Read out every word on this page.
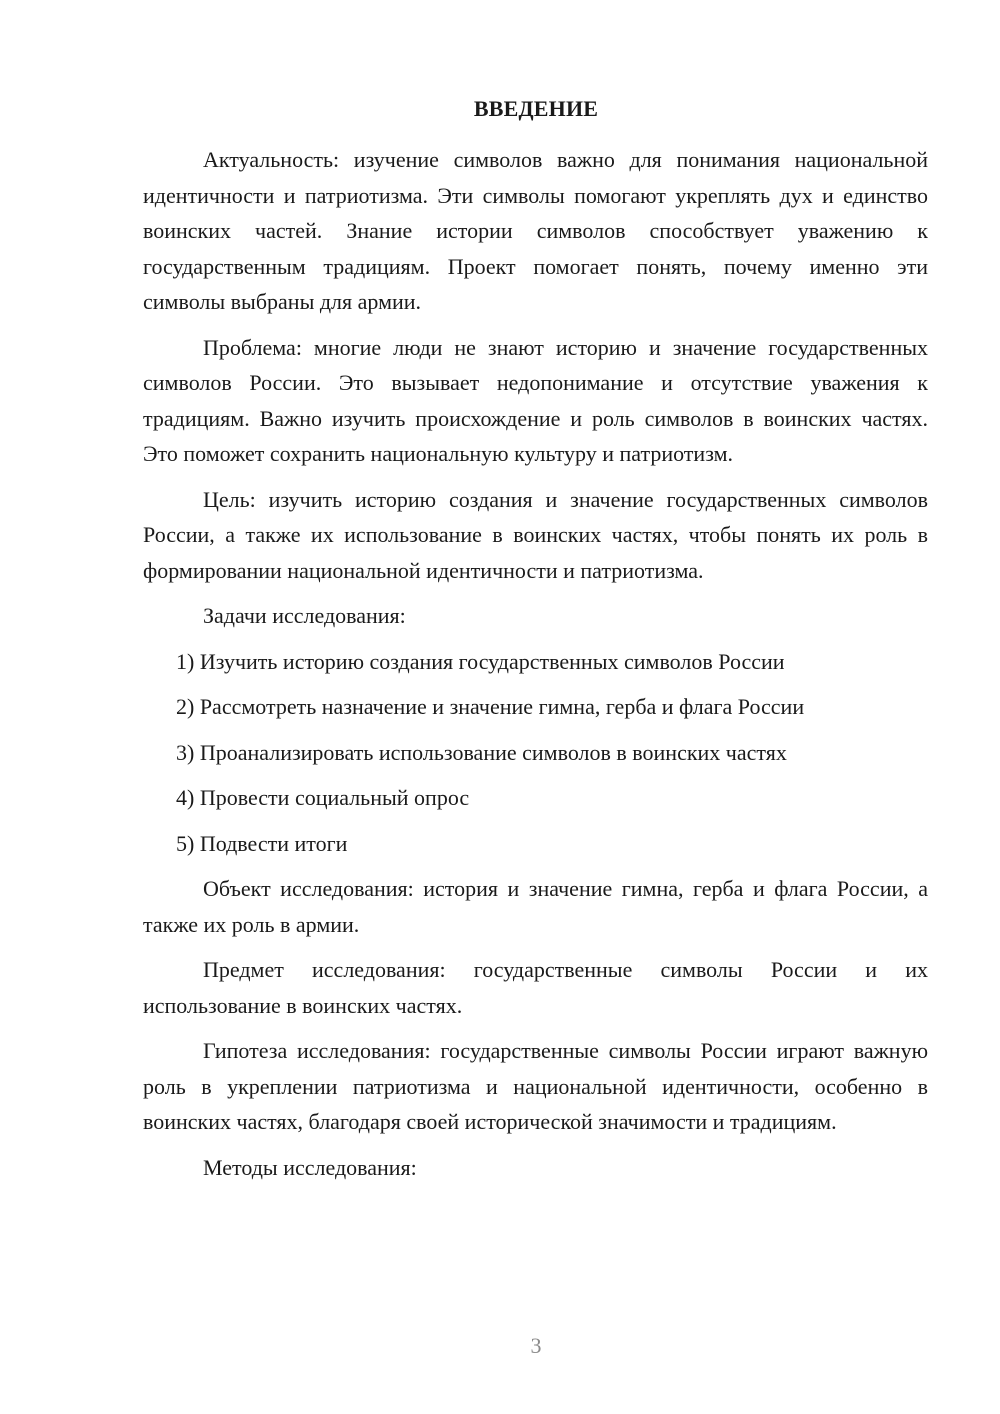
ВВЕДЕНИЕ

Актуальность: изучение символов важно для понимания национальной идентичности и патриотизма. Эти символы помогают укреплять дух и единство воинских частей. Знание истории символов способствует уважению к государственным традициям. Проект помогает понять, почему именно эти символы выбраны для армии.

Проблема: многие люди не знают историю и значение государственных символов России. Это вызывает недопонимание и отсутствие уважения к традициям. Важно изучить происхождение и роль символов в воинских частях. Это поможет сохранить национальную культуру и патриотизм.

Цель: изучить историю создания и значение государственных символов России, а также их использование в воинских частях, чтобы понять их роль в формировании национальной идентичности и патриотизма.

Задачи исследования:

1) Изучить историю создания государственных символов России

2) Рассмотреть назначение и значение гимна, герба и флага России

3) Проанализировать использование символов в воинских частях

4) Провести социальный опрос

5) Подвести итоги

Объект исследования: история и значение гимна, герба и флага России, а также их роль в армии.

Предмет исследования: государственные символы России и их использование в воинских частях.

Гипотеза исследования: государственные символы России играют важную роль в укреплении патриотизма и национальной идентичности, особенно в воинских частях, благодаря своей исторической значимости и традициям.

Методы исследования:

3
